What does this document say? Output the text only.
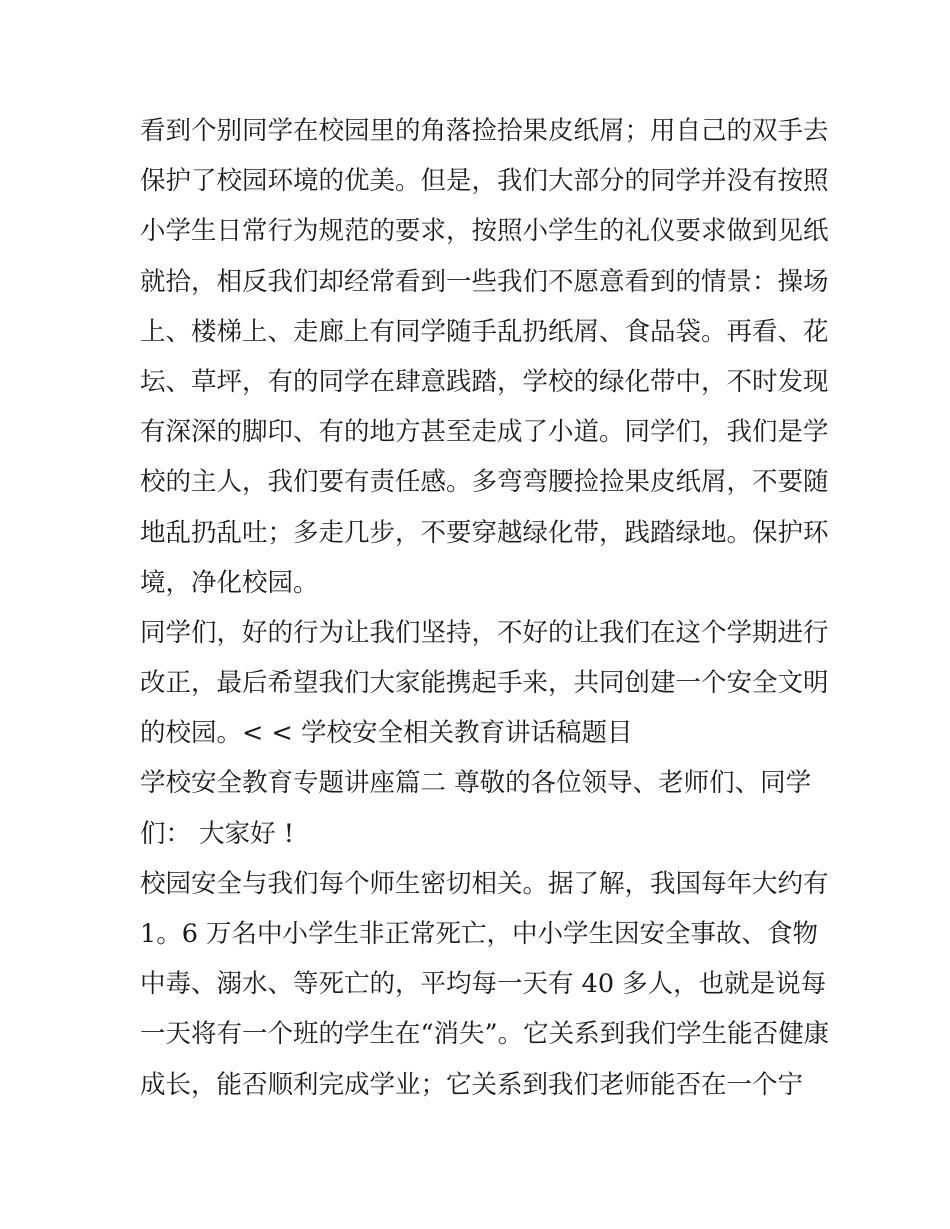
看到个别同学在校园里的角落捡拾果皮纸屑；用自己的双手去
保护了校园环境的优美。但是，我们大部分的同学并没有按照
小学生日常行为规范的要求，按照小学生的礼仪要求做到见纸
就拾，相反我们却经常看到一些我们不愿意看到的情景：操场
上、楼梯上、走廊上有同学随手乱扔纸屑、食品袋。再看、花
坛、草坪，有的同学在肆意践踏，学校的绿化带中，不时发现
有深深的脚印、有的地方甚至走成了小道。同学们，我们是学
校的主人，我们要有责任感。多弯弯腰捡捡果皮纸屑，不要随
地乱扔乱吐；多走几步，不要穿越绿化带，践踏绿地。保护环
境，净化校园。
同学们，好的行为让我们坚持，不好的让我们在这个学期进行
改正，最后希望我们大家能携起手来，共同创建一个安全文明
的校园。< < 学校安全相关教育讲话稿题目
学校安全教育专题讲座篇二 尊敬的各位领导、老师们、同学
们： 大家好 !
校园安全与我们每个师生密切相关。据了解，我国每年大约有
1。6 万名中小学生非正常死亡，中小学生因安全事故、食物
中毒、溺水、等死亡的，平均每一天有 40 多人，也就是说每
一天将有一个班的学生在“消失”。它关系到我们学生能否健康
成长，能否顺利完成学业；它关系到我们老师能否在一个宁
